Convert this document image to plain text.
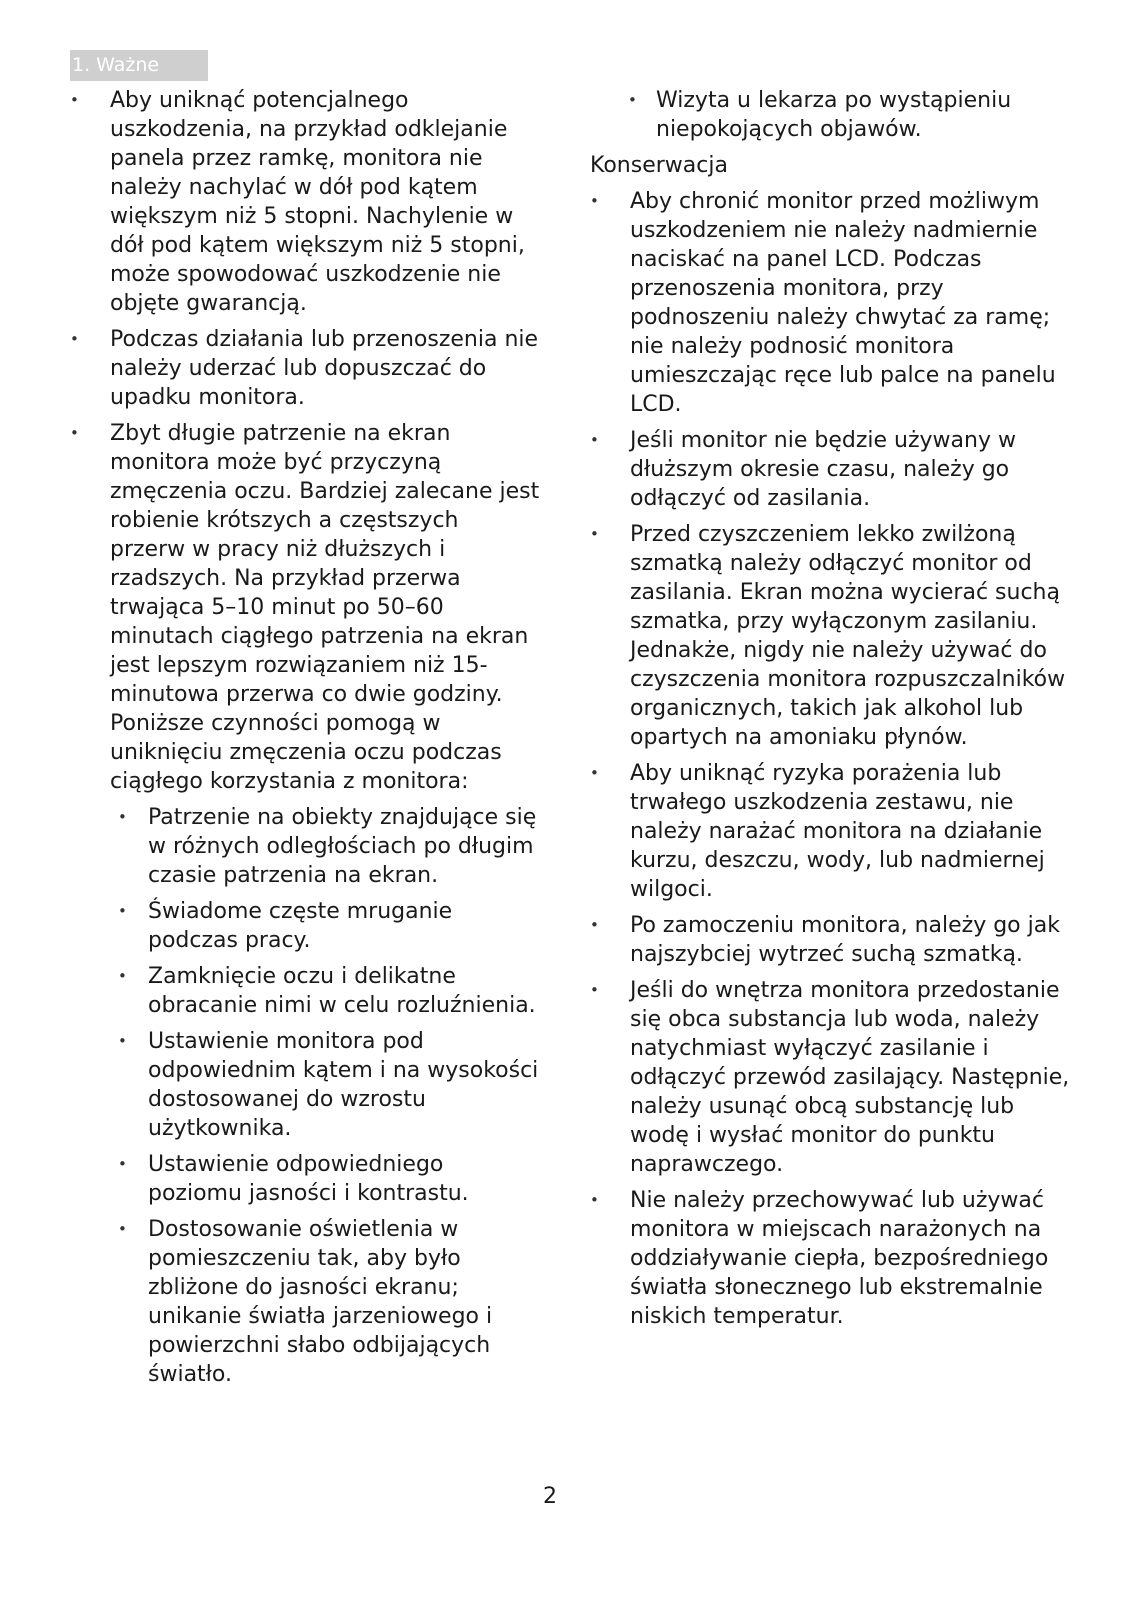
1. Ważne
• Aby uniknąć potencjalnego uszkodzenia, na przykład odklejanie panela przez ramkę, monitora nie należy nachylać w dół pod kątem większym niż 5 stopni. Nachylenie w dół pod kątem większym niż 5 stopni, może spowodować uszkodzenie nie objęte gwarancją.
• Podczas działania lub przenoszenia nie należy uderzać lub dopuszczać do upadku monitora.
• Zbyt długie patrzenie na ekran monitora może być przyczyną zmęczenia oczu. Bardziej zalecane jest robienie krótszych a częstszych przerw w pracy niż dłuższych i rzadszych. Na przykład przerwa trwająca 5–10 minut po 50–60 minutach ciągłego patrzenia na ekran jest lepszym rozwiązaniem niż 15-minutowa przerwa co dwie godziny. Poniższe czynności pomogą w uniknięciu zmęczenia oczu podczas ciągłego korzystania z monitora:
• Patrzenie na obiekty znajdujące się w różnych odległościach po długim czasie patrzenia na ekran.
• Świadome częste mruganie podczas pracy.
• Zamknięcie oczu i delikatne obracanie nimi w celu rozluźnienia.
• Ustawienie monitora pod odpowiednim kątem i na wysokości dostosowanej do wzrostu użytkownika.
• Ustawienie odpowiedniego poziomu jasności i kontrastu.
• Dostosowanie oświetlenia w pomieszczeniu tak, aby było zbliżone do jasności ekranu; unikanie światła jarzeniowego i powierzchni słabo odbijających światło.
• Wizyta u lekarza po wystąpieniu niepokojących objawów.
Konserwacja
• Aby chronić monitor przed możliwym uszkodzeniem nie należy nadmiernie naciskać na panel LCD. Podczas przenoszenia monitora, przy podnoszeniu należy chwytać za ramę; nie należy podnosić monitora umieszczając ręce lub palce na panelu LCD.
• Jeśli monitor nie będzie używany w dłuższym okresie czasu, należy go odłączyć od zasilania.
• Przed czyszczeniem lekko zwilżoną szmatką należy odłączyć monitor od zasilania. Ekran można wycierać suchą szmatka, przy wyłączonym zasilaniu. Jednakże, nigdy nie należy używać do czyszczenia monitora rozpuszczalników organicznych, takich jak alkohol lub opartych na amoniaku płynów.
• Aby uniknąć ryzyka porażenia lub trwałego uszkodzenia zestawu, nie należy narażać monitora na działanie kurzu, deszczu, wody, lub nadmiernej wilgoci.
• Po zamoczeniu monitora, należy go jak najszybciej wytrzeć suchą szmatką.
• Jeśli do wnętrza monitora przedostanie się obca substancja lub woda, należy natychmiast wyłączyć zasilanie i odłączyć przewód zasilający. Następnie, należy usunąć obcą substancję lub wodę i wysłać monitor do punktu naprawczego.
• Nie należy przechowywać lub używać monitora w miejscach narażonych na oddziaływanie ciepła, bezpośredniego światła słonecznego lub ekstremalnie niskich temperatur.
2
